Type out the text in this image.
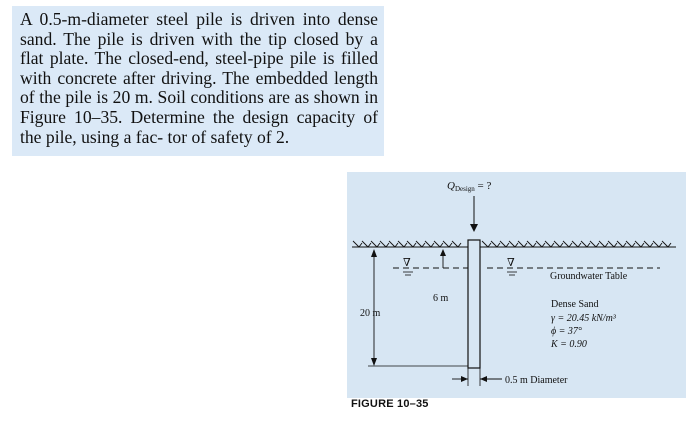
A 0.5-m-diameter steel pile is driven into dense sand. The pile is driven with the tip closed by a flat plate. The closed-end, steel-pipe pile is filled with concrete after driving. The embedded length of the pile is 20 m. Soil conditions are as shown in Figure 10–35. Determine the design capacity of the pile, using a fac- tor of safety of 2.

QDesign = ?
∇	∇
Groundwater Table
6 m
20 m
Dense Sand
γ = 20.45 kN/m³
ϕ = 37°
K = 0.90
0.5 m Diameter
FIGURE 10–35
